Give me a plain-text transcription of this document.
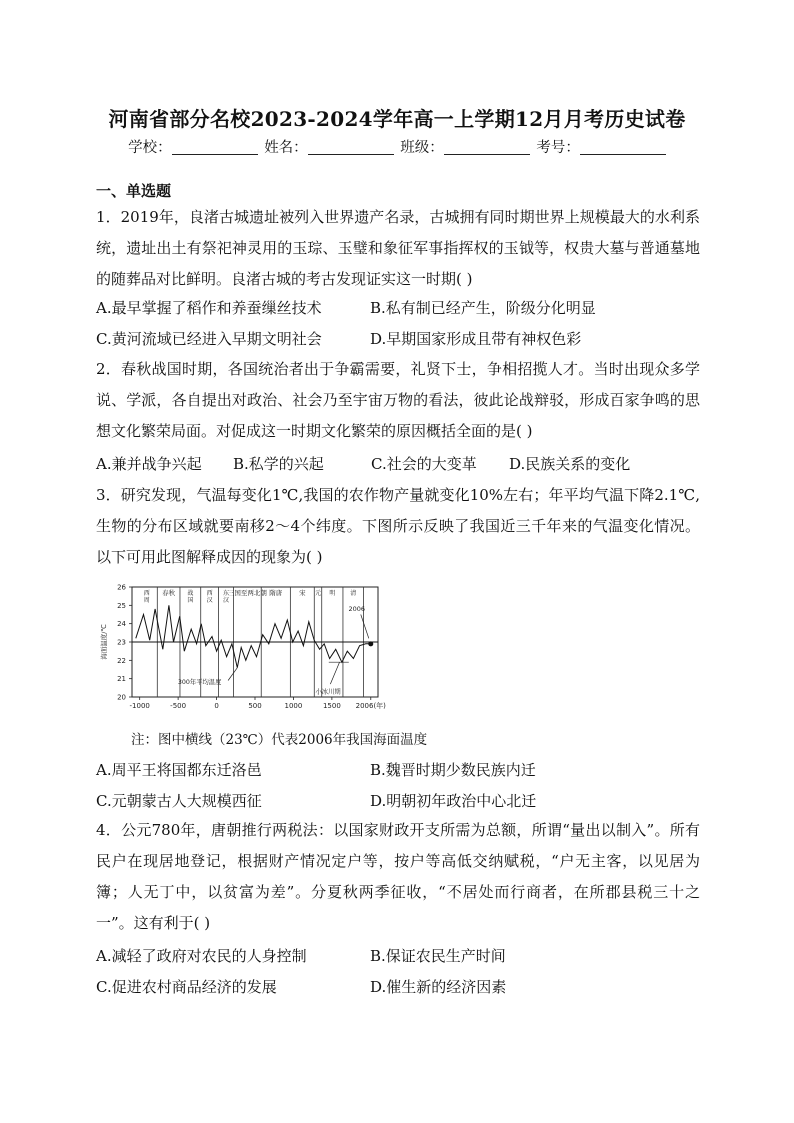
河南省部分名校2023-2024学年高一上学期12月月考历史试卷
学校：	姓名：	班级：	考号：
一、单选题
1．2019年，良渚古城遗址被列入世界遗产名录，古城拥有同时期世界上规模最大的水利系统，遗址出土有祭祀神灵用的玉琮、玉璧和象征军事指挥权的玉钺等，权贵大墓与普通墓地的随葬品对比鲜明。良渚古城的考古发现证实这一时期( )
A.最早掌握了稻作和养蚕缫丝技术	B.私有制已经产生，阶级分化明显
C.黄河流域已经进入早期文明社会	D.早期国家形成且带有神权色彩
2．春秋战国时期，各国统治者出于争霸需要，礼贤下士，争相招揽人才。当时出现众多学说、学派，各自提出对政治、社会乃至宇宙万物的看法，彼此论战辩驳，形成百家争鸣的思想文化繁荣局面。对促成这一时期文化繁荣的原因概括全面的是( )
A.兼并战争兴起 B.私学的兴起	C.社会的大变革 D.民族关系的变化
3．研究发现，气温每变化1℃,我国的农作物产量就变化10%左右；年平均气温下降2.1℃,生物的分布区域就要南移2～4个纬度。下图所示反映了我国近三千年来的气温变化情况。以下可用此图解释成因的现象为( )
西周
春秋 战国
西汉
东汉
三国至两北朝 隋唐	宋 元 明 清
20
21
22
23
24
25
26
海面温度/℃
-1000	-500	0	500	1000	1500 2006(年)
2006
300年平均温度
小冰川期
注：图中横线（23℃）代表2006年我国海面温度
A.周平王将国都东迁洛邑	B.魏晋时期少数民族内迁
C.元朝蒙古人大规模西征	D.明朝初年政治中心北迁
4．公元780年，唐朝推行两税法：以国家财政开支所需为总额，所谓“量出以制入”。所有民户在现居地登记，根据财产情况定户等，按户等高低交纳赋税，“户无主客，以见居为簿；人无丁中，以贫富为差”。分夏秋两季征收，“不居处而行商者，在所郡县税三十之一”。这有利于( )
A.减轻了政府对农民的人身控制	B.保证农民生产时间
C.促进农村商品经济的发展	D.催生新的经济因素
